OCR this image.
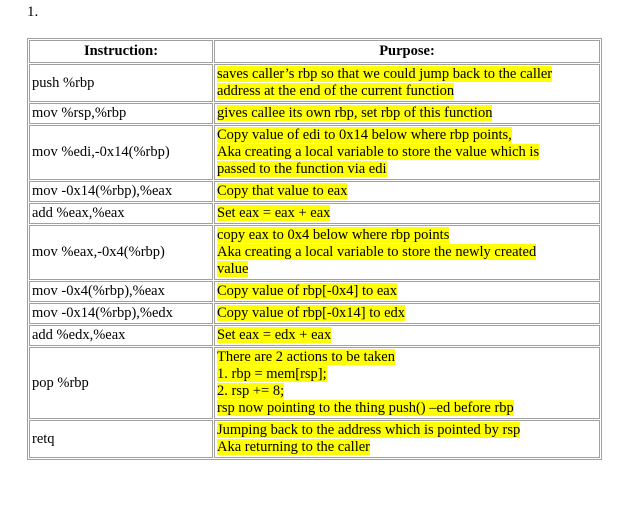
1.
Instruction:	Purpose:
push %rbp	saves caller’s rbp so that we could jump back to the caller
address at the end of the current function

mov %rsp,%rbp	gives callee its own rbp, set rbp of this function

mov %edi,-0x14(%rbp)	Copy value of edi to 0x14 below where rbp points,
Aka creating a local variable to store the value which is
passed to the function via edi

mov -0x14(%rbp),%eax	Copy that value to eax

add %eax,%eax	Set eax = eax + eax

mov %eax,-0x4(%rbp)	copy eax to 0x4 below where rbp points
Aka creating a local variable to store the newly created
value

mov -0x4(%rbp),%eax	Copy value of rbp[-0x4] to eax

mov -0x14(%rbp),%edx	Copy value of rbp[-0x14] to edx

add %edx,%eax	Set eax = edx + eax

pop %rbp	There are 2 actions to be taken
1. rbp = mem[rsp];
2. rsp += 8;
rsp now pointing to the thing push() –ed before rbp

retq	Jumping back to the address which is pointed by rsp
Aka returning to the caller
